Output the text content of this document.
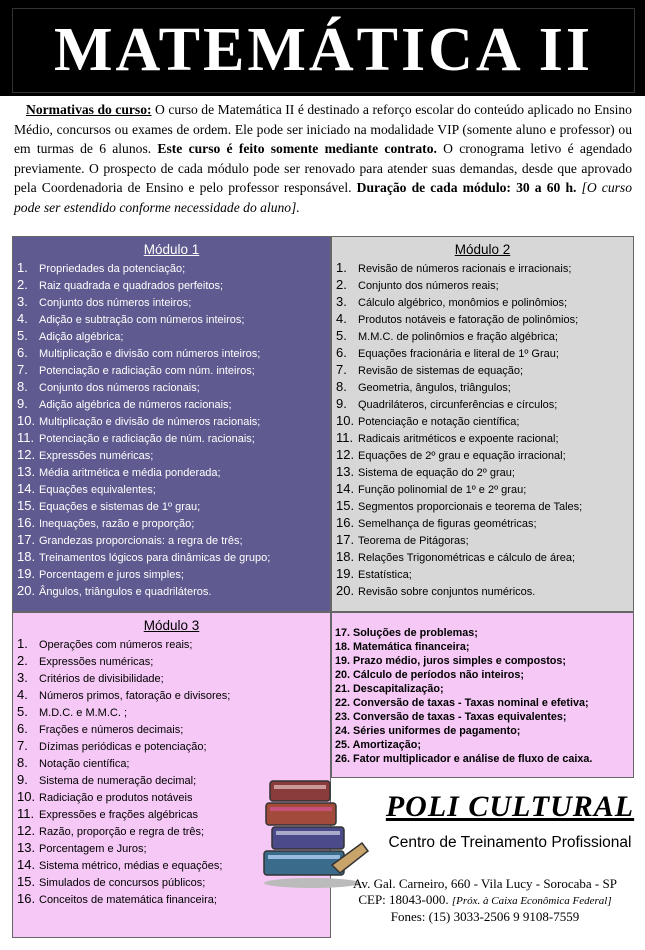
MATEMÁTICA II
Normativas do curso: O curso de Matemática II é destinado a reforço escolar do conteúdo aplicado no Ensino Médio, concursos ou exames de ordem. Ele pode ser iniciado na modalidade VIP (somente aluno e professor) ou em turmas de 6 alunos. Este curso é feito somente mediante contrato. O cronograma letivo é agendado previamente. O prospecto de cada módulo pode ser renovado para atender suas demandas, desde que aprovado pela Coordenadoria de Ensino e pelo professor responsável. Duração de cada módulo: 30 a 60 h. [O curso pode ser estendido conforme necessidade do aluno].
Módulo 1
1.	Propriedades da potenciação;
2.	Raiz quadrada e quadrados perfeitos;
3.	Conjunto dos números inteiros;
4.	Adição e subtração com números inteiros;
5.	Adição algébrica;
6.	Multiplicação e divisão com números inteiros;
7.	Potenciação e radiciação com núm. inteiros;
8.	Conjunto dos números racionais;
9.	Adição algébrica de números racionais;
10. Multiplicação e divisão de números racionais;
11. Potenciação e radiciação de núm. racionais;
12. Expressões numéricas;
13. Média aritmética e média ponderada;
14. Equações equivalentes;
15. Equações e sistemas de 1º grau;
16. Inequações, razão e proporção;
17. Grandezas proporcionais: a regra de três;
18. Treinamentos lógicos para dinâmicas de grupo;
19. Porcentagem e juros simples;
20. Ângulos, triângulos e quadriláteros.
Módulo 2
1.	Revisão de números racionais e irracionais;
2.	Conjunto dos números reais;
3.	Cálculo algébrico, monômios e polinômios;
4.	Produtos notáveis e fatoração de polinômios;
5.	M.M.C. de polinômios e fração algébrica;
6.	Equações fracionária e literal de 1º Grau;
7.	Revisão de sistemas de equação;
8.	Geometria, ângulos, triângulos;
9.	Quadriláteros, circunferências e círculos;
10. Potenciação e notação científica;
11. Radicais aritméticos e expoente racional;
12. Equações de 2º grau e equação irracional;
13. Sistema de equação do 2º grau;
14. Função polinomial de 1º e 2º grau;
15. Segmentos proporcionais e teorema de Tales;
16. Semelhança de figuras geométricas;
17. Teorema de Pitágoras;
18. Relações Trigonométricas e cálculo de área;
19. Estatística;
20. Revisão sobre conjuntos numéricos.
Módulo 3
1.	Operações com números reais;
2.	Expressões numéricas;
3.	Critérios de divisibilidade;
4.	Números primos, fatoração e divisores;
5.	M.D.C. e M.M.C. ;
6.	Frações e números decimais;
7.	Dízimas periódicas e potenciação;
8.	Notação científica;
9.	Sistema de numeração decimal;
10. Radiciação e produtos notáveis
11. Expressões e frações algébricas
12. Razão, proporção e regra de três;
13. Porcentagem e Juros;
14. Sistema métrico, médias e equações;
15. Simulados de concursos públicos;
16. Conceitos de matemática financeira;
17. Soluções de problemas;
18. Matemática financeira;
19. Prazo médio, juros simples e compostos;
20. Cálculo de períodos não inteiros;
21. Descapitalização;
22. Conversão de taxas - Taxas nominal e efetiva;
23. Conversão de taxas - Taxas equivalentes;
24. Séries uniformes de pagamento;
25. Amortização;
26. Fator multiplicador e análise de fluxo de caixa.
POLI CULTURAL
Centro de Treinamento Profissional
Av. Gal. Carneiro, 660 - Vila Lucy - Sorocaba - SP
CEP: 18043-000. [Próx. à Caixa Econômica Federal]
Fones: (15) 3033-2506 9 9108-7559
